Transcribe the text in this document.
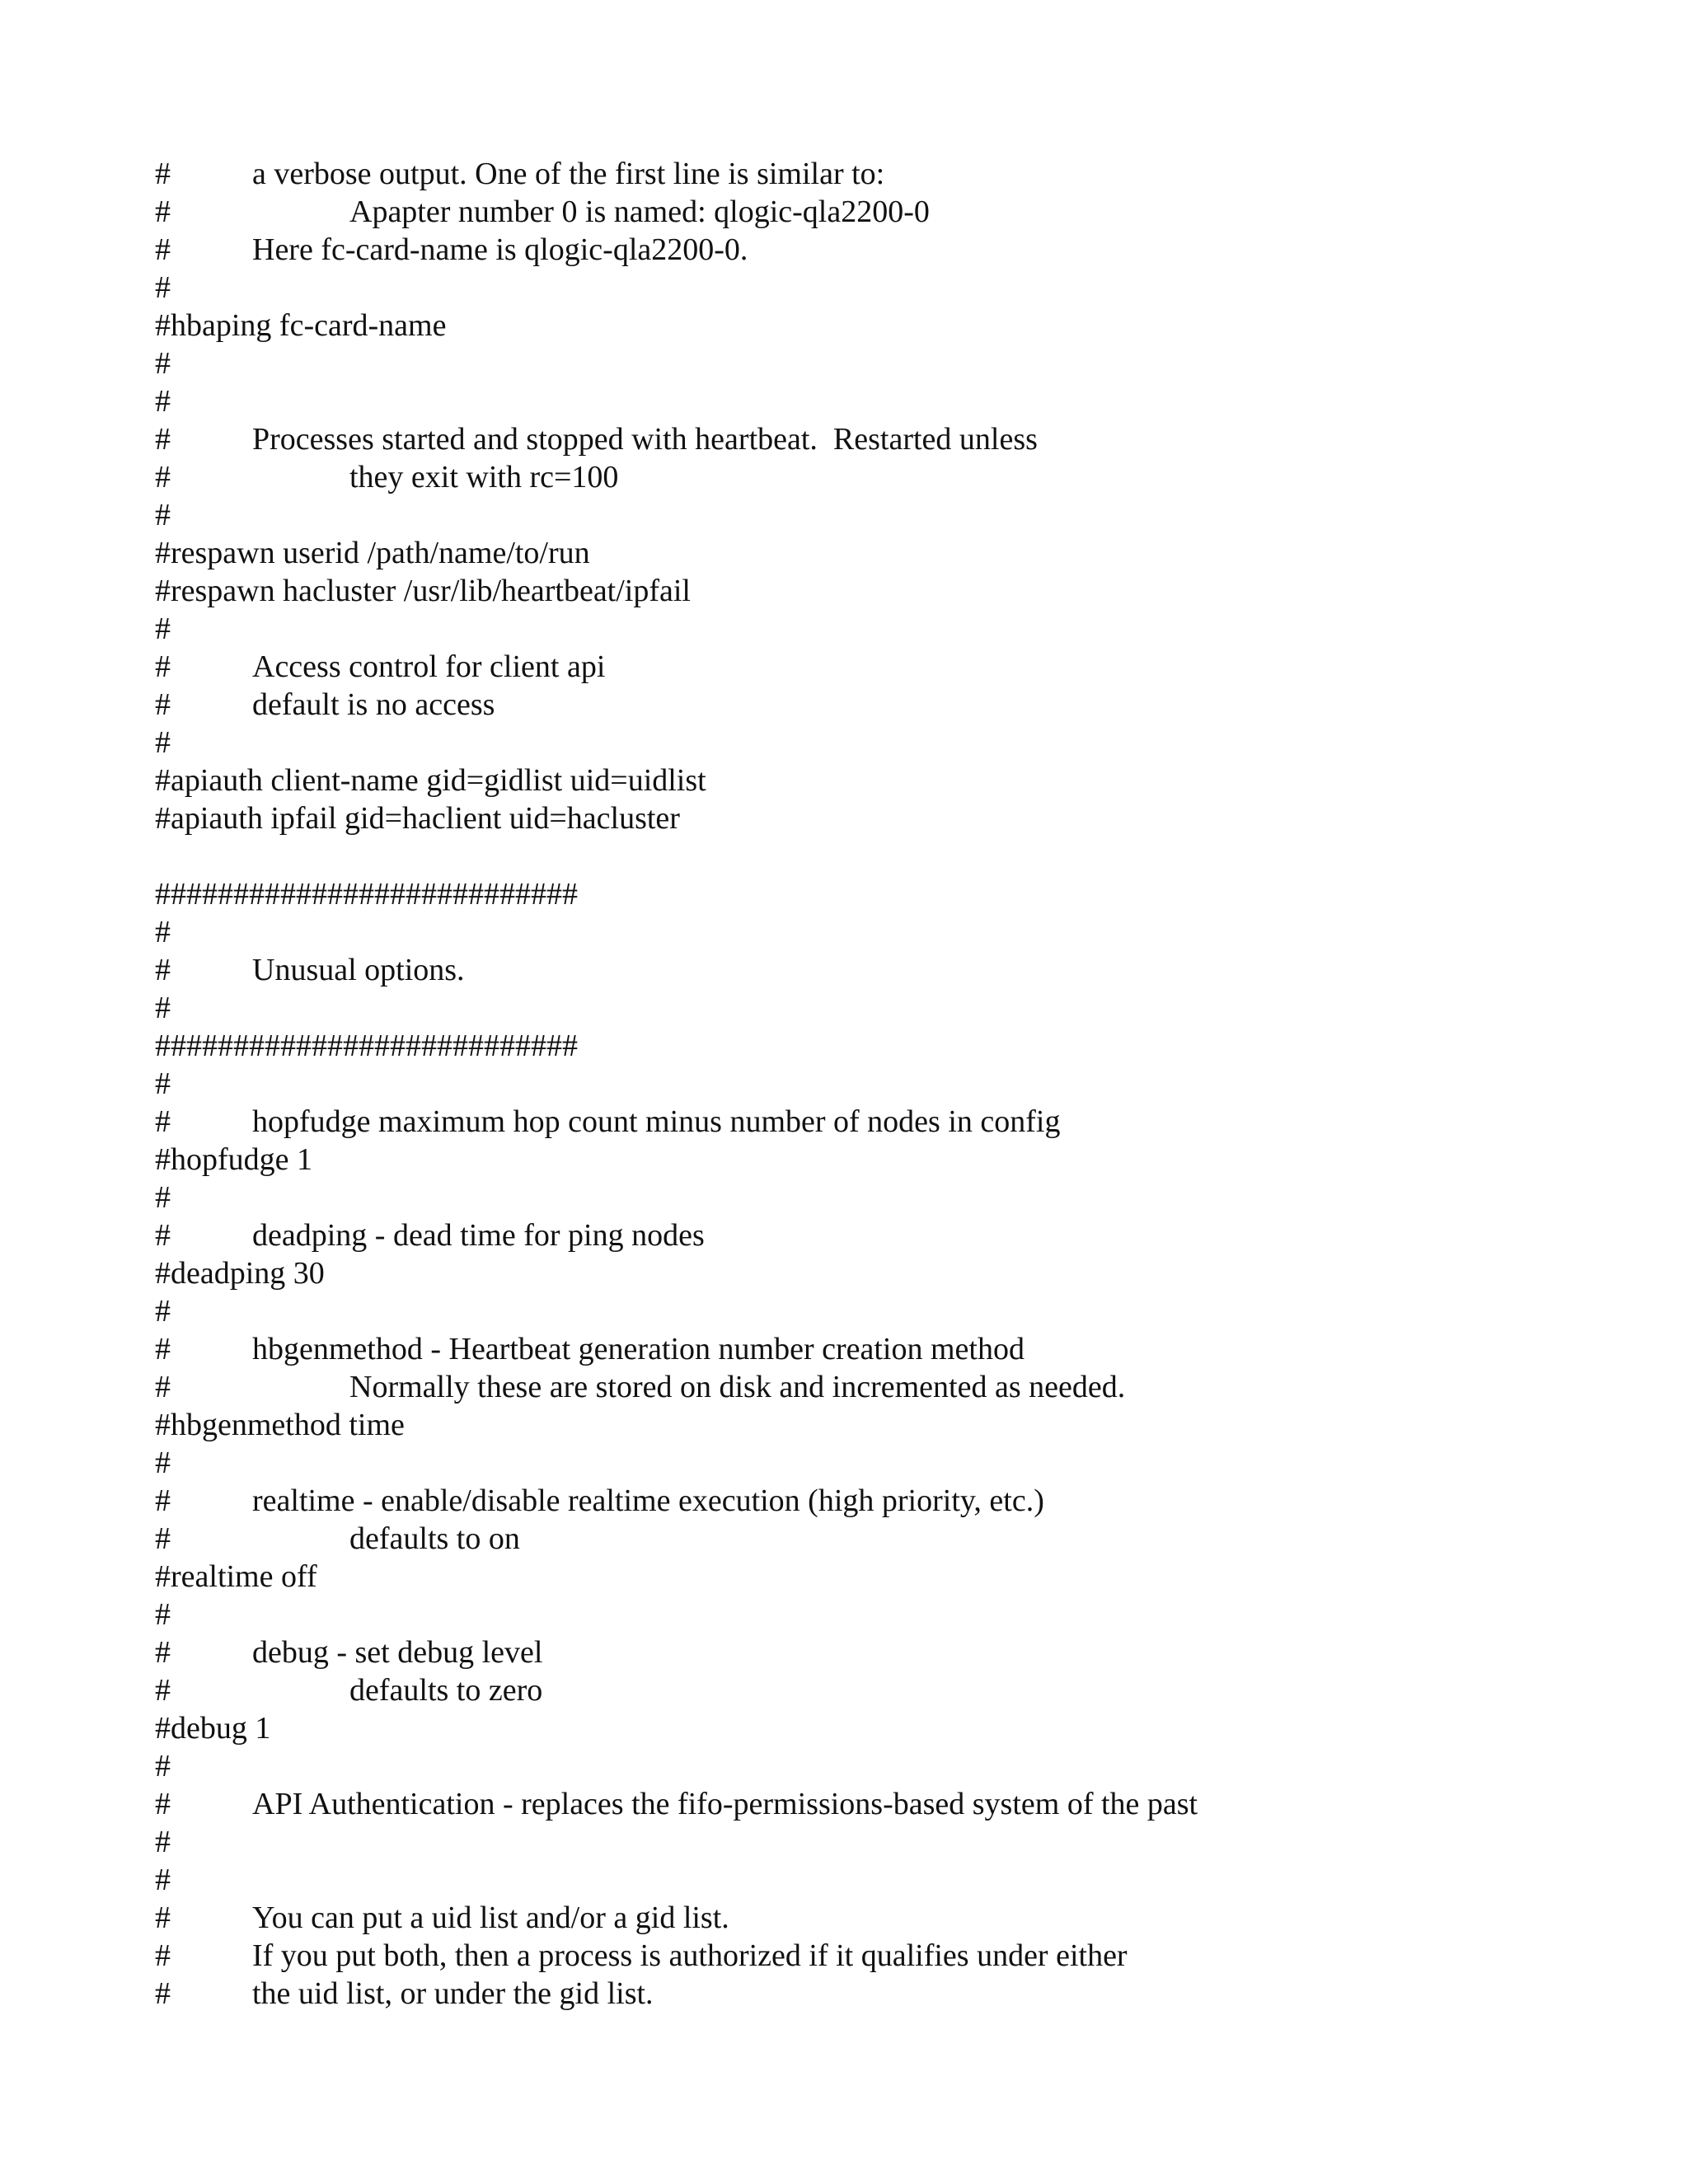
#	a verbose output. One of the first line is similar to:
#	Apapter number 0 is named: qlogic-qla2200-0
#	Here fc-card-name is qlogic-qla2200-0.
#
#hbaping fc-card-name
#
#
#	Processes started and stopped with heartbeat.  Restarted unless
#	they exit with rc=100
#
#respawn userid /path/name/to/run
#respawn hacluster /usr/lib/heartbeat/ipfail
#
#	Access control for client api
#	default is no access
#
#apiauth client-name gid=gidlist uid=uidlist
#apiauth ipfail gid=haclient uid=hacluster
###########################
#
#	Unusual options.
#
###########################
#
#	hopfudge maximum hop count minus number of nodes in config
#hopfudge 1
#
#	deadping - dead time for ping nodes
#deadping 30
#
#	hbgenmethod - Heartbeat generation number creation method
#	Normally these are stored on disk and incremented as needed.
#hbgenmethod time
#
#	realtime - enable/disable realtime execution (high priority, etc.)
#	defaults to on
#realtime off
#
#	debug - set debug level
#	defaults to zero
#debug 1
#
#	API Authentication - replaces the fifo-permissions-based system of the past
#
#
#	You can put a uid list and/or a gid list.
#	If you put both, then a process is authorized if it qualifies under either
#	the uid list, or under the gid list.
